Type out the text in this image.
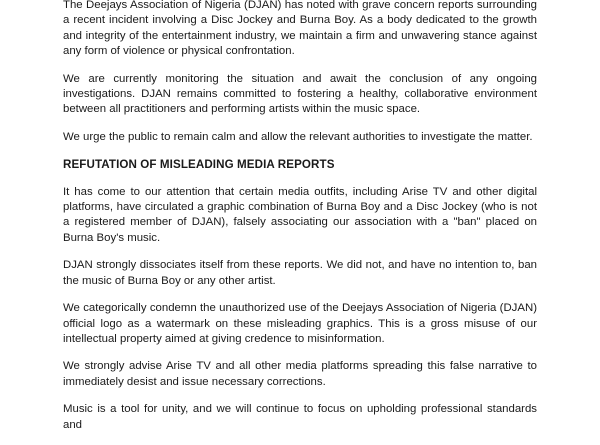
The Deejays Association of Nigeria (DJAN) has noted with grave concern reports surrounding a recent incident involving a Disc Jockey and Burna Boy. As a body dedicated to the growth and integrity of the entertainment industry, we maintain a firm and unwavering stance against any form of violence or physical confrontation.

We are currently monitoring the situation and await the conclusion of any ongoing investigations. DJAN remains committed to fostering a healthy, collaborative environment between all practitioners and performing artists within the music space.

We urge the public to remain calm and allow the relevant authorities to investigate the matter.

REFUTATION OF MISLEADING MEDIA REPORTS

It has come to our attention that certain media outfits, including Arise TV and other digital platforms, have circulated a graphic combination of Burna Boy and a Disc Jockey (who is not a registered member of DJAN), falsely associating our association with a "ban" placed on Burna Boy's music.

DJAN strongly dissociates itself from these reports. We did not, and have no intention to, ban the music of Burna Boy or any other artist.

We categorically condemn the unauthorized use of the Deejays Association of Nigeria (DJAN) official logo as a watermark on these misleading graphics. This is a gross misuse of our intellectual property aimed at giving credence to misinformation.

We strongly advise Arise TV and all other media platforms spreading this false narrative to immediately desist and issue necessary corrections.

Music is a tool for unity, and we will continue to focus on upholding professional standards and
